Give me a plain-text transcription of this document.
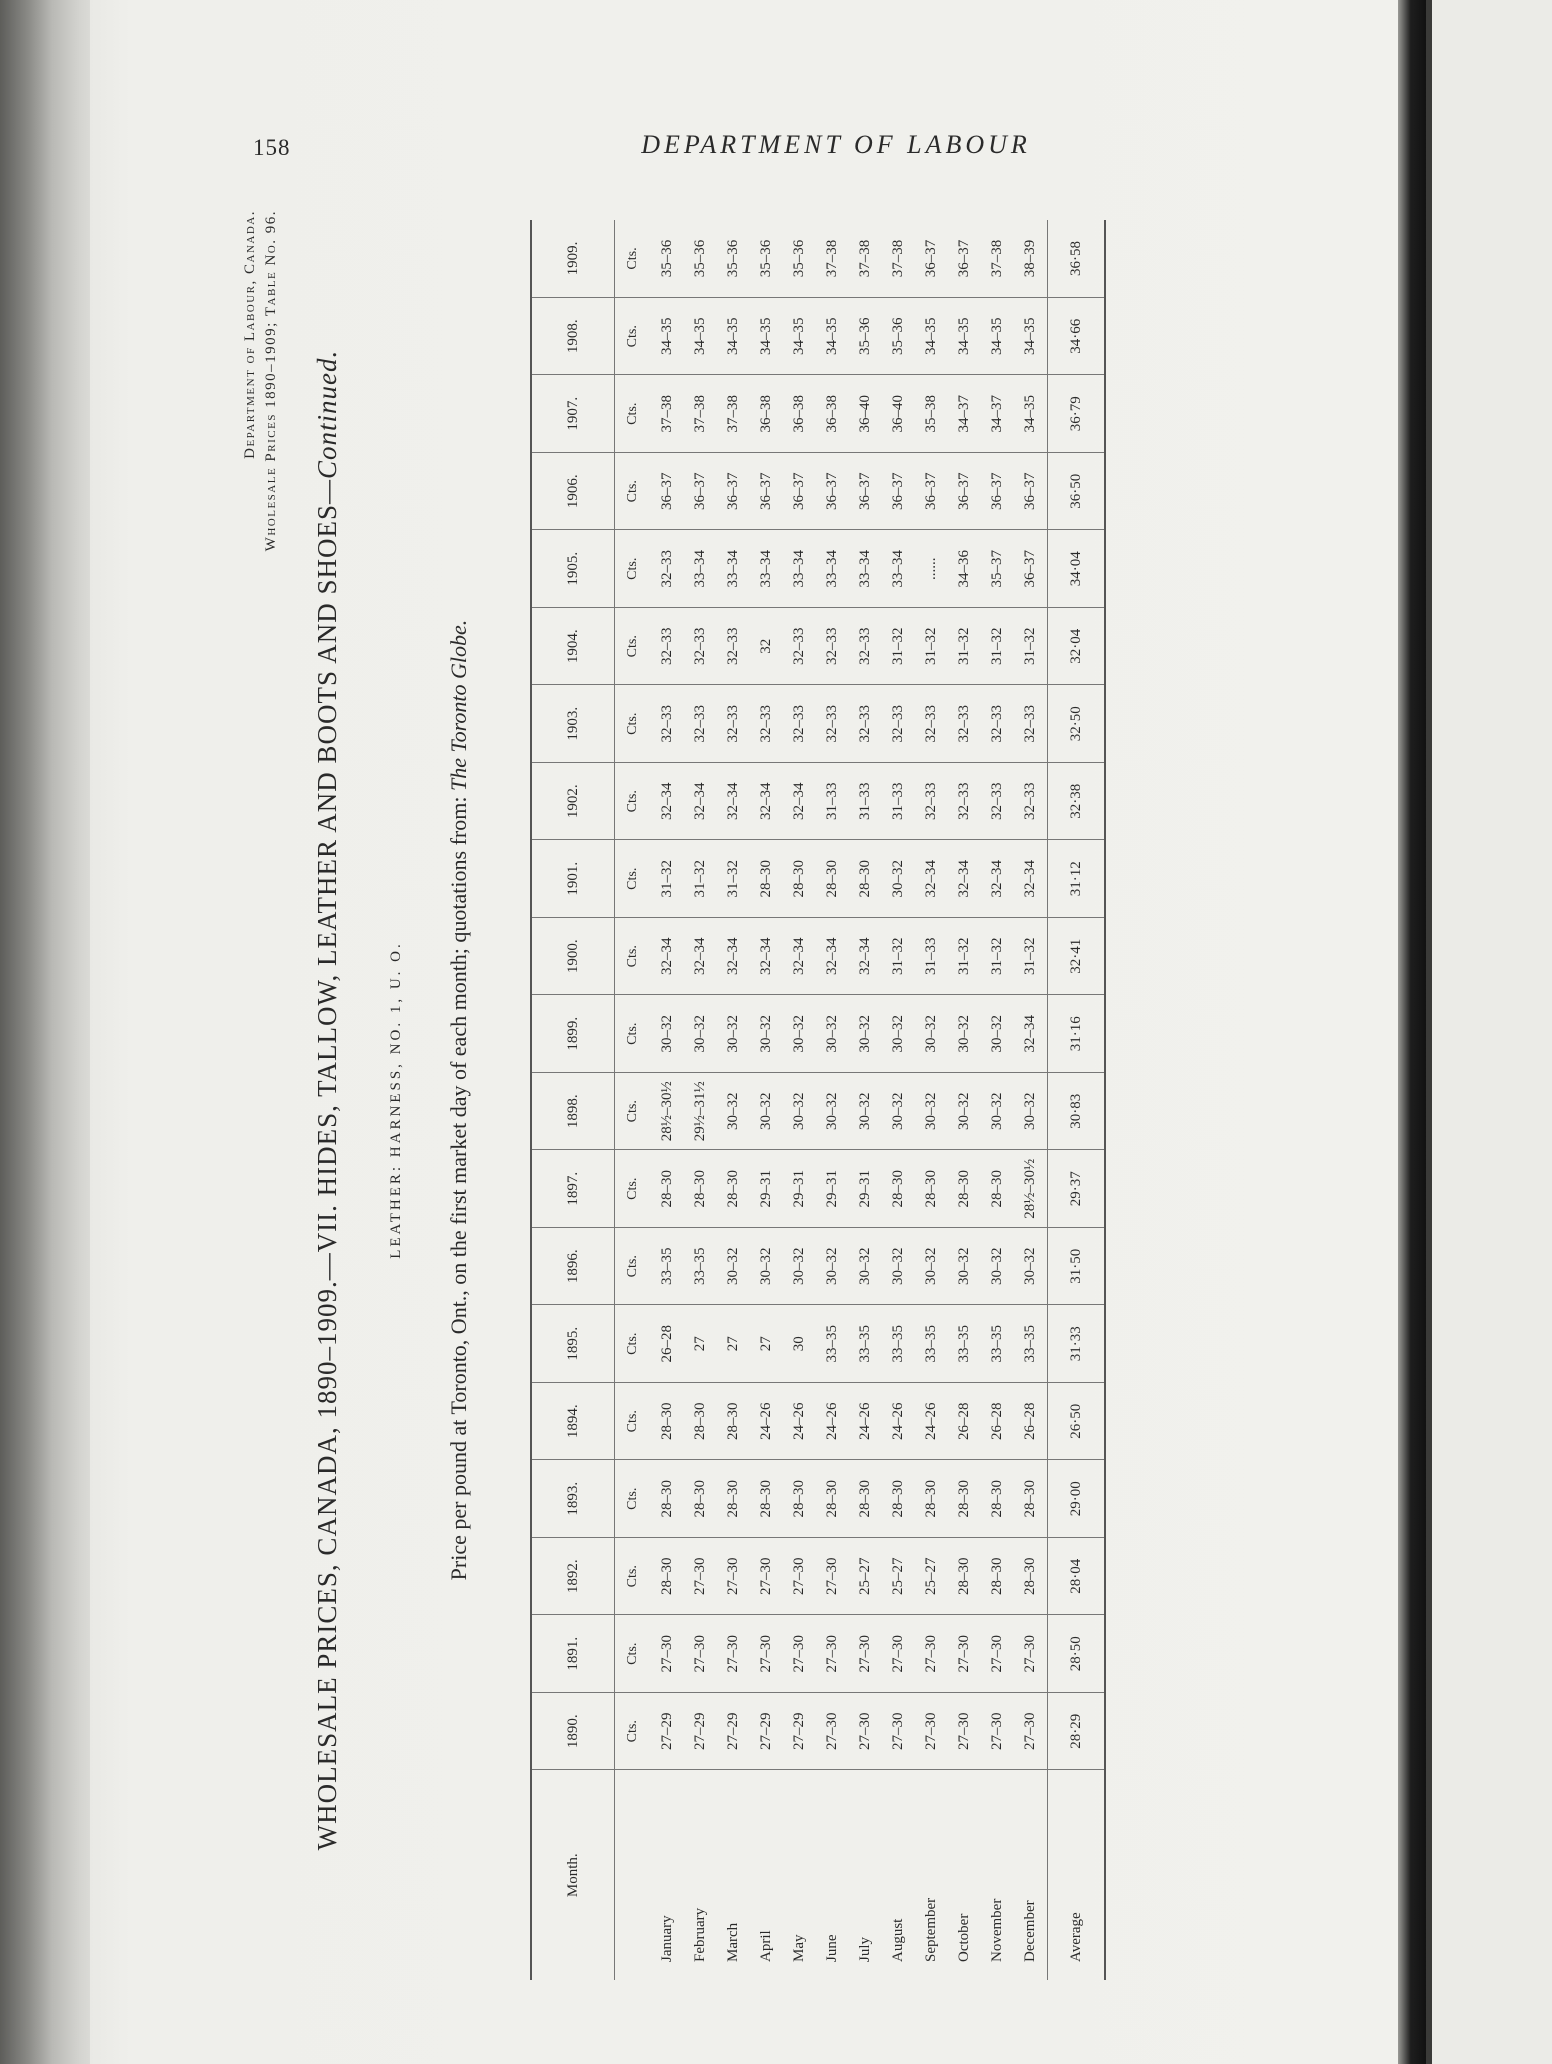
158	DEPARTMENT OF LABOUR
Department of Labour, Canada. Wholesale Prices 1890–1909; Table No. 96.
WHOLESALE PRICES, CANADA, 1890–1909.—VII. HIDES, TALLOW, LEATHER AND BOOTS AND SHOES—Continued.
LEATHER: HARNESS, NO. 1, U. O. Price per pound at Toronto, Ont., on the first market day of each month; quotations from: The Toronto Globe.
Month.	1890.	1891.	1892.	1893.	1894.	1895.	1896.	1897.	1898.	1899.	1900.	1901.	1902.	1903.	1904.	1905.	1906.	1907.	1908.	1909.
	Cts.	Cts.	Cts.	Cts.	Cts.	Cts.	Cts.	Cts.	Cts.	Cts.	Cts.	Cts.	Cts.	Cts.	Cts.	Cts.	Cts.	Cts.	Cts.	Cts.
January	27–29	27–30	28–30	28–30	28–30	26–28	33–35	28–30	28½–30½	30–32	32–34	31–32	32–34	32–33	32–33	32–33	36–37	37–38	34–35	35–36
February	27–29	27–30	27–30	28–30	28–30	27	33–35	28–30	29½–31½	30–32	32–34	31–32	32–34	32–33	32–33	33–34	36–37	37–38	34–35	35–36
March	27–29	27–30	27–30	28–30	28–30	27	30–32	28–30	30–32	30–32	32–34	31–32	32–34	32–33	32–33	33–34	36–37	37–38	34–35	35–36
April	27–29	27–30	27–30	28–30	24–26	27	30–32	29–31	30–32	30–32	32–34	28–30	32–34	32–33	32	33–34	36–37	36–38	34–35	35–36
May	27–29	27–30	27–30	28–30	24–26	30	30–32	29–31	30–32	30–32	32–34	28–30	32–34	32–33	32–33	33–34	36–37	36–38	34–35	35–36
June	27–30	27–30	27–30	28–30	24–26	33–35	30–32	29–31	30–32	30–32	32–34	28–30	31–33	32–33	32–33	33–34	36–37	36–38	34–35	37–38
July	27–30	27–30	25–27	28–30	24–26	33–35	30–32	29–31	30–32	30–32	32–34	28–30	31–33	32–33	32–33	33–34	36–37	36–40	35–36	37–38
August	27–30	27–30	25–27	28–30	24–26	33–35	30–32	28–30	30–32	30–32	31–32	30–32	31–33	32–33	31–32	33–34	36–37	36–40	35–36	37–38
September	27–30	27–30	25–27	28–30	24–26	33–35	30–32	28–30	30–32	30–32	31–33	32–34	32–33	32–33	31–32	......	36–37	35–38	34–35	36–37
October	27–30	27–30	28–30	28–30	26–28	33–35	30–32	28–30	30–32	30–32	31–32	32–34	32–33	32–33	31–32	34–36	36–37	34–37	34–35	36–37
November	27–30	27–30	28–30	28–30	26–28	33–35	30–32	28–30	30–32	30–32	31–32	32–34	32–33	32–33	31–32	35–37	36–37	34–37	34–35	37–38
December	27–30	27–30	28–30	28–30	26–28	33–35	30–32	28½–30½	30–32	32–34	31–32	32–34	32–33	32–33	31–32	36–37	36–37	34–35	34–35	38–39
Average	28·29	28·50	28·04	29·00	26·50	31·33	31·50	29·37	30·83	31·16	32·41	31·12	32·38	32·50	32·04	34·04	36·50	36·79	34·66	36·58
